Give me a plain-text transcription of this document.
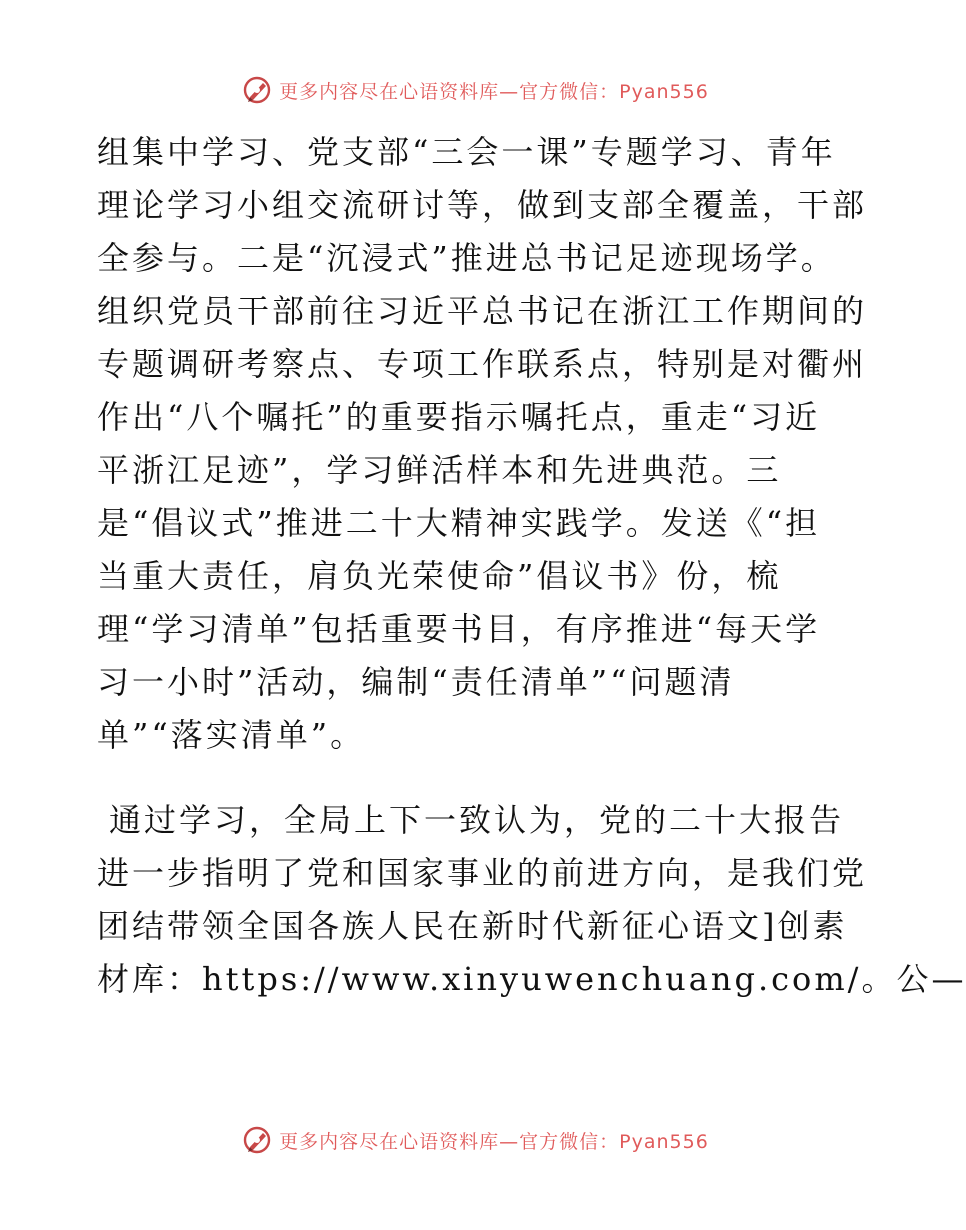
更多内容尽在心语资料库—官方微信：Pyan556
组集中学习、党支部“三会一课”专题学习、青年
理论学习小组交流研讨等，做到支部全覆盖，干部
全参与。二是“沉浸式”推进总书记足迹现场学。
组织党员干部前往习近平总书记在浙江工作期间的
专题调研考察点、专项工作联系点，特别是对衢州
作出“八个嘱托”的重要指示嘱托点，重走“习近
平浙江足迹”，学习鲜活样本和先进典范。三
是“倡议式”推进二十大精神实践学。发送《“担
当重大责任，肩负光荣使命”倡议书》份，梳
理“学习清单”包括重要书目，有序推进“每天学
习一小时”活动，编制“责任清单”“问题清
单”“落实清单”。
通过学习，全局上下一致认为，党的二十大报告
进一步指明了党和国家事业的前进方向，是我们党
团结带领全国各族人民在新时代新征心语文]创素
材库：https://www.xinyuwenchuang.com/。公—
更多内容尽在心语资料库—官方微信：Pyan556
